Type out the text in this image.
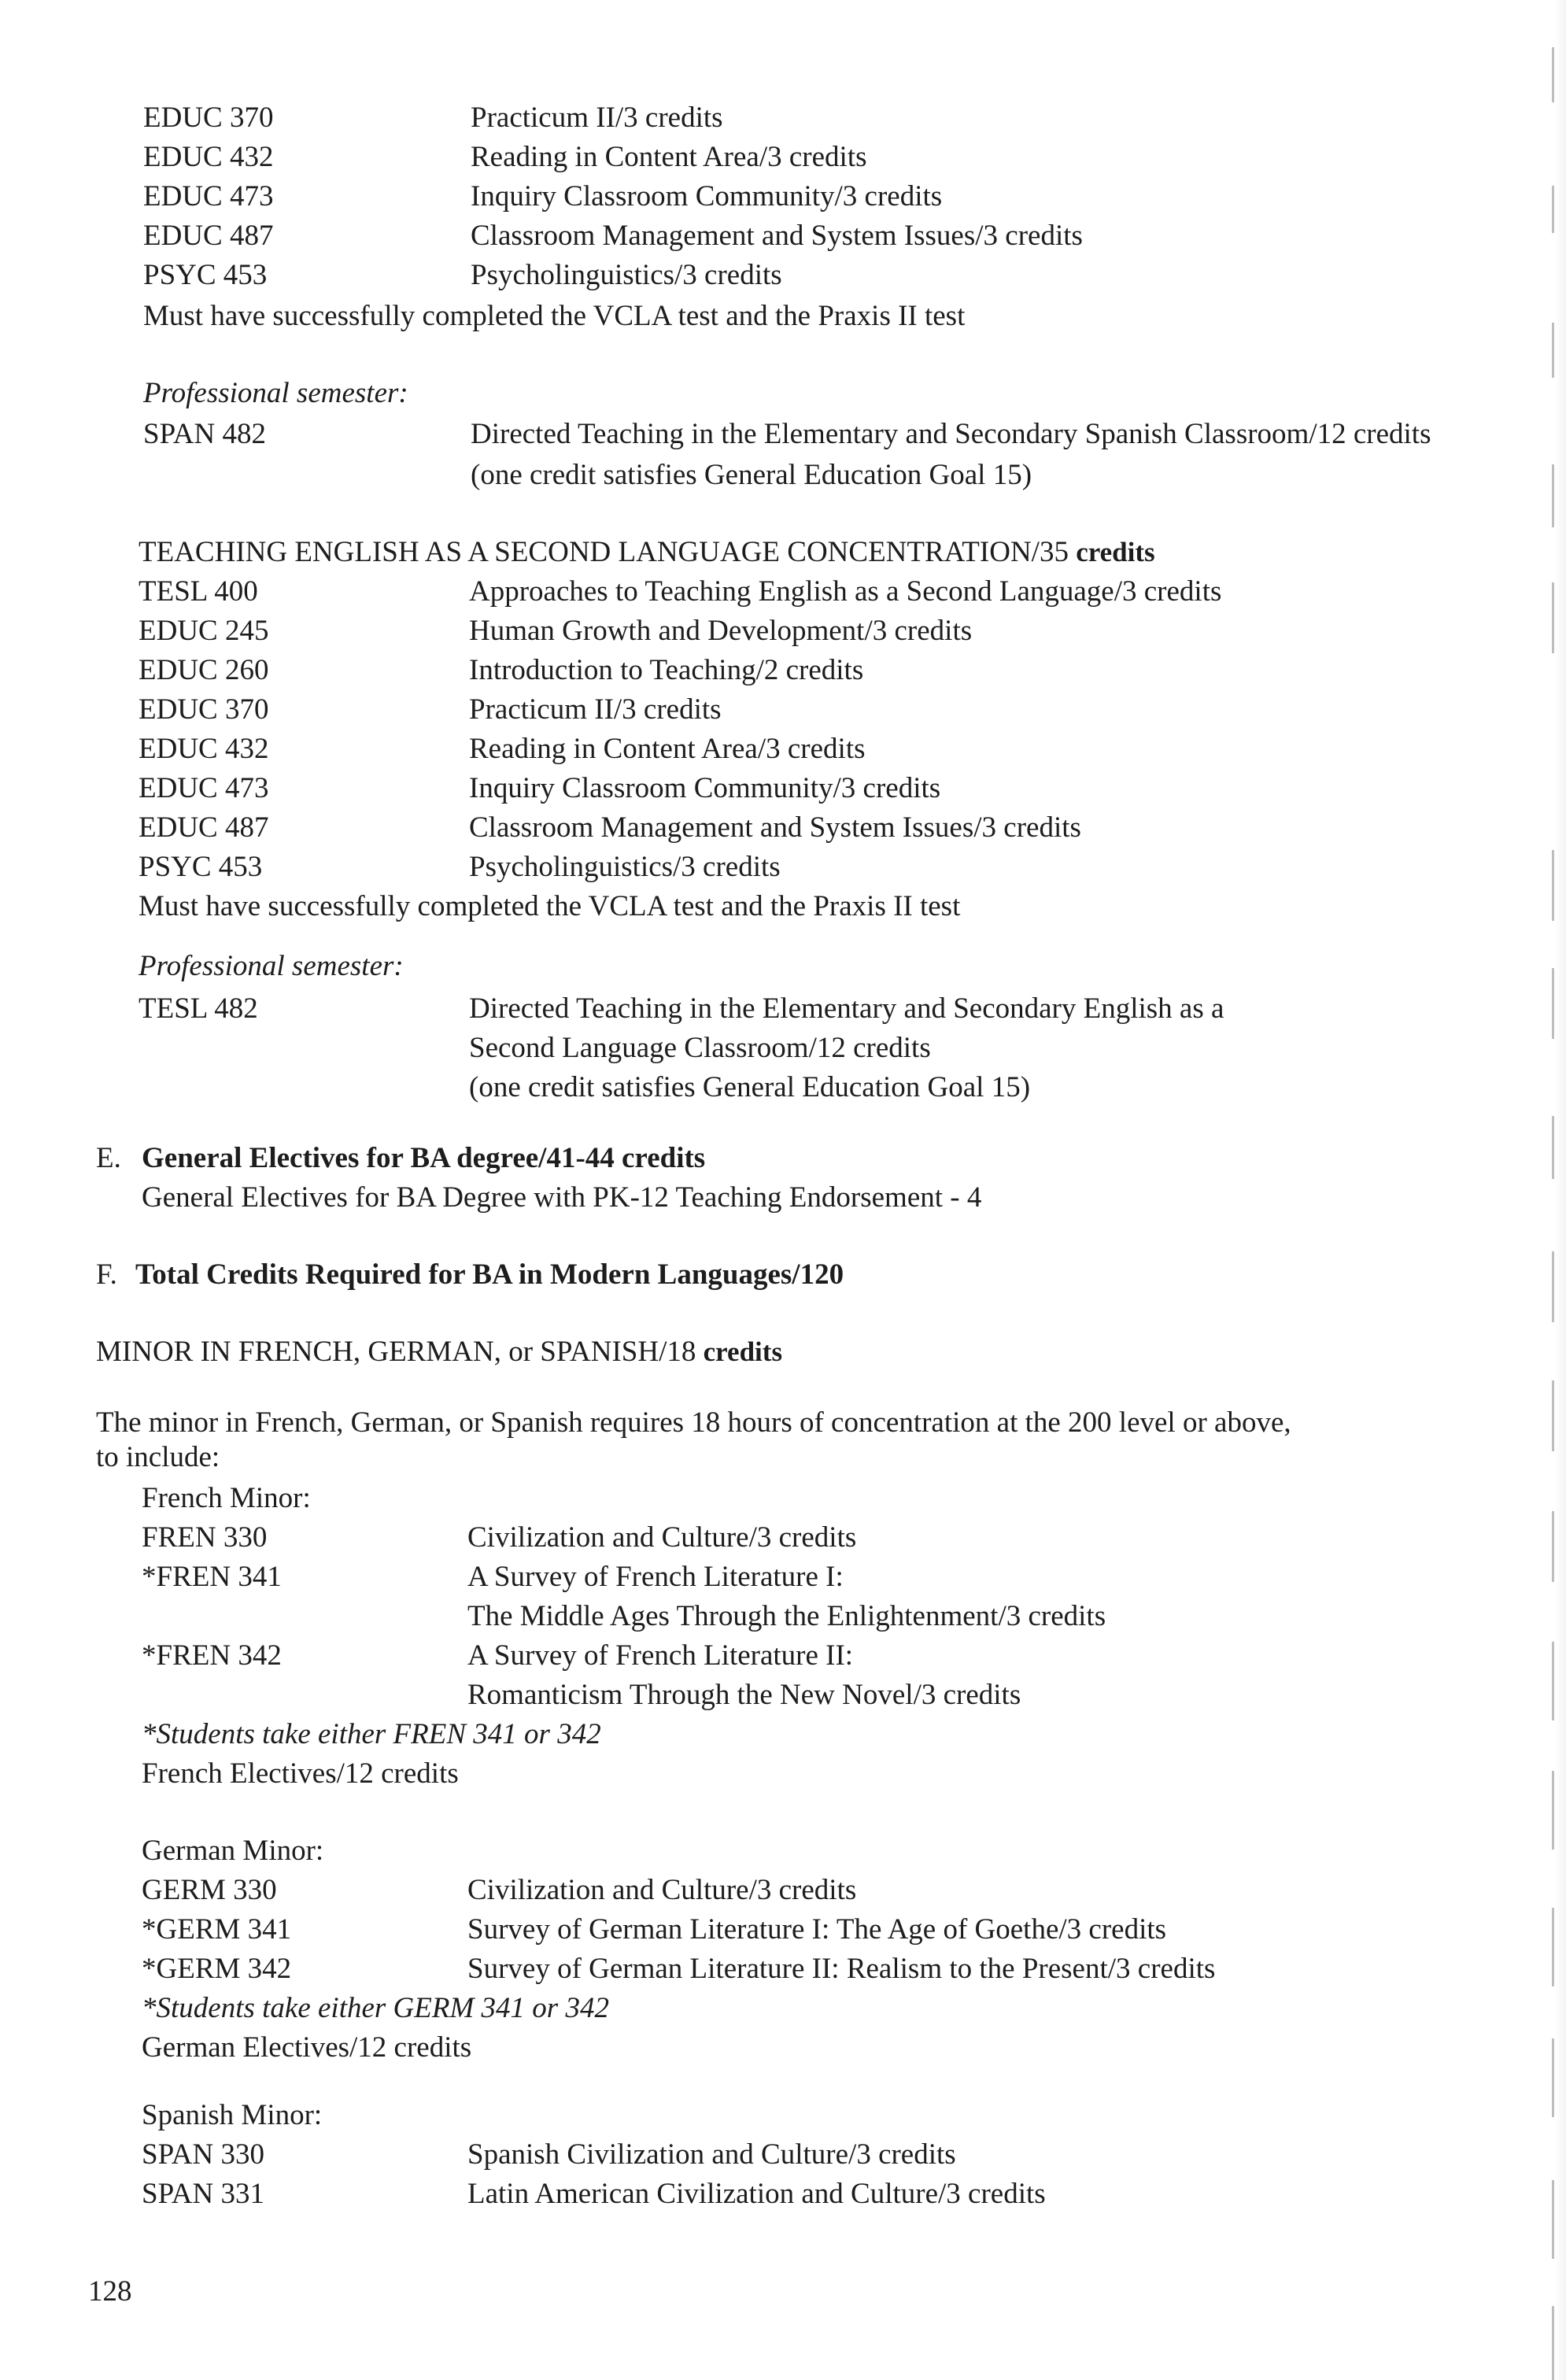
EDUC 370	Practicum II/3 credits
EDUC 432	Reading in Content Area/3 credits
EDUC 473	Inquiry Classroom Community/3 credits
EDUC 487	Classroom Management and System Issues/3 credits
PSYC 453	Psycholinguistics/3 credits
Must have successfully completed the VCLA test and the Praxis II test
Professional semester:
SPAN 482	Directed Teaching in the Elementary and Secondary Spanish Classroom/12 credits
(one credit satisfies General Education Goal 15)
TEACHING ENGLISH AS A SECOND LANGUAGE CONCENTRATION/35 credits
TESL 400	Approaches to Teaching English as a Second Language/3 credits
EDUC 245	Human Growth and Development/3 credits
EDUC 260	Introduction to Teaching/2 credits
EDUC 370	Practicum II/3 credits
EDUC 432	Reading in Content Area/3 credits
EDUC 473	Inquiry Classroom Community/3 credits
EDUC 487	Classroom Management and System Issues/3 credits
PSYC 453	Psycholinguistics/3 credits
Must have successfully completed the VCLA test and the Praxis II test
Professional semester:
TESL 482	Directed Teaching in the Elementary and Secondary English as a
Second Language Classroom/12 credits
(one credit satisfies General Education Goal 15)
E. General Electives for BA degree/41-44 credits
General Electives for BA Degree with PK-12 Teaching Endorsement - 4
F. Total Credits Required for BA in Modern Languages/120
MINOR IN FRENCH, GERMAN, or SPANISH/18 credits
The minor in French, German, or Spanish requires 18 hours of concentration at the 200 level or above,
to include:
French Minor:
FREN 330	Civilization and Culture/3 credits
*FREN 341	A Survey of French Literature I:
The Middle Ages Through the Enlightenment/3 credits
*FREN 342	A Survey of French Literature II:
Romanticism Through the New Novel/3 credits
*Students take either FREN 341 or 342
French Electives/12 credits
German Minor:
GERM 330	Civilization and Culture/3 credits
*GERM 341	Survey of German Literature I: The Age of Goethe/3 credits
*GERM 342	Survey of German Literature II: Realism to the Present/3 credits
*Students take either GERM 341 or 342
German Electives/12 credits
Spanish Minor:
SPAN 330	Spanish Civilization and Culture/3 credits
SPAN 331	Latin American Civilization and Culture/3 credits
128
